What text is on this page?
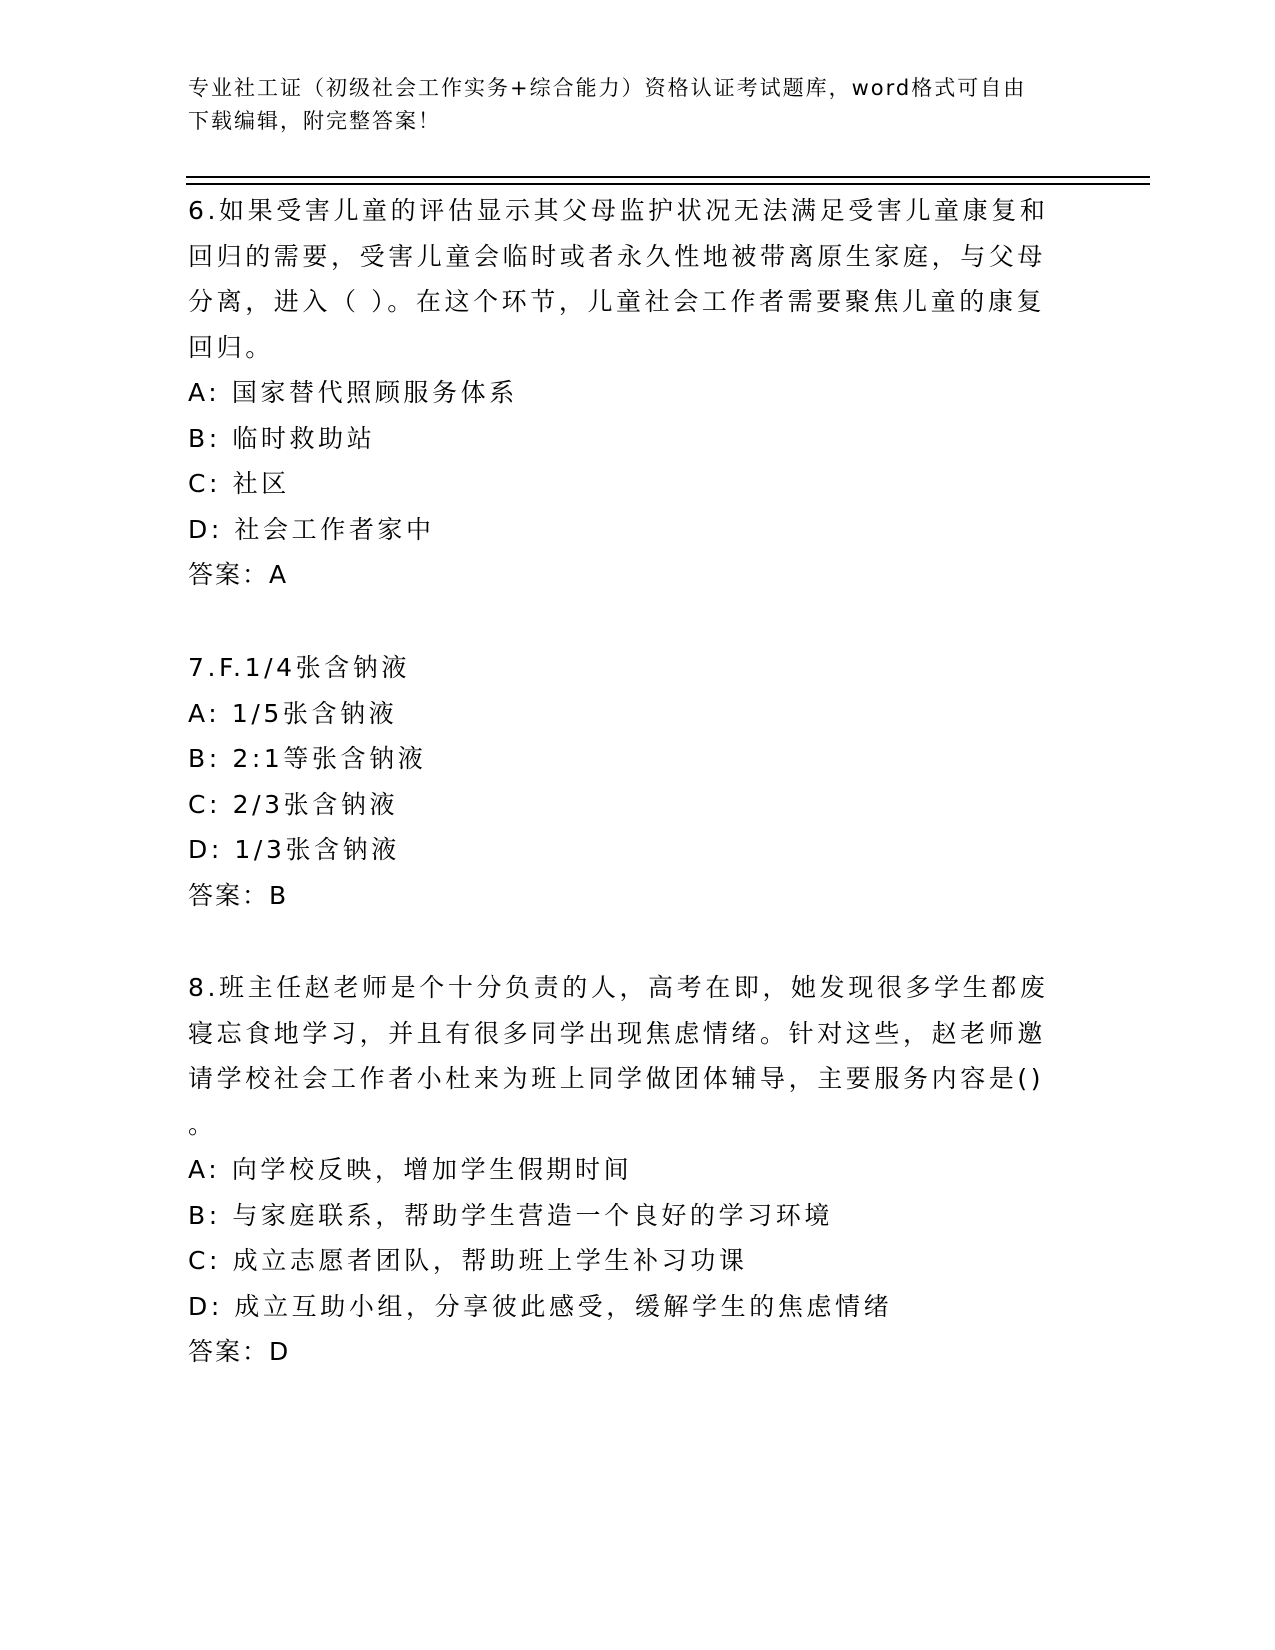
专业社工证（初级社会工作实务+综合能力）资格认证考试题库，word格式可自由
下载编辑，附完整答案！

6.如果受害儿童的评估显示其父母监护状况无法满足受害儿童康复和

回归的需要，受害儿童会临时或者永久性地被带离原生家庭，与父母

分离，进入（ ）。在这个环节，儿童社会工作者需要聚焦儿童的康复

回归。

A: 国家替代照顾服务体系

B: 临时救助站

C: 社区

D: 社会工作者家中

答案：A

7.F.1/4张含钠液

A: 1/5张含钠液

B: 2:1等张含钠液

C: 2/3张含钠液

D: 1/3张含钠液

答案：B

8.班主任赵老师是个十分负责的人，高考在即，她发现很多学生都废

寝忘食地学习，并且有很多同学出现焦虑情绪。针对这些，赵老师邀

请学校社会工作者小杜来为班上同学做团体辅导，主要服务内容是()

。

A: 向学校反映，增加学生假期时间

B: 与家庭联系，帮助学生营造一个良好的学习环境

C: 成立志愿者团队，帮助班上学生补习功课

D: 成立互助小组，分享彼此感受，缓解学生的焦虑情绪

答案：D
